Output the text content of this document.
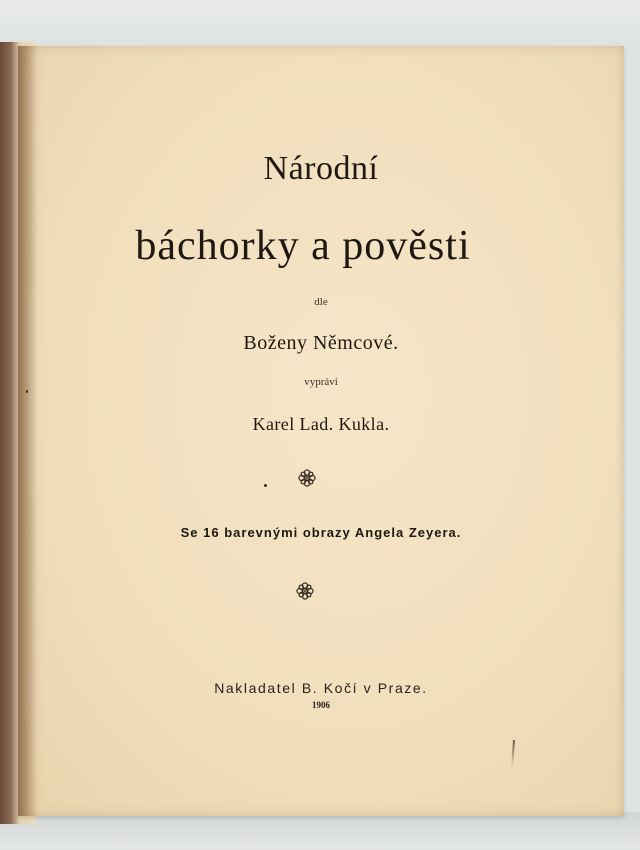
Národní
báchorky a pověsti
dle
Boženy Němcové.
vypráví
Karel Lad. Kukla.
Se 16 barevnými obrazy Angela Zeyera.
Nakladatel B. Kočí v Praze.
1906
